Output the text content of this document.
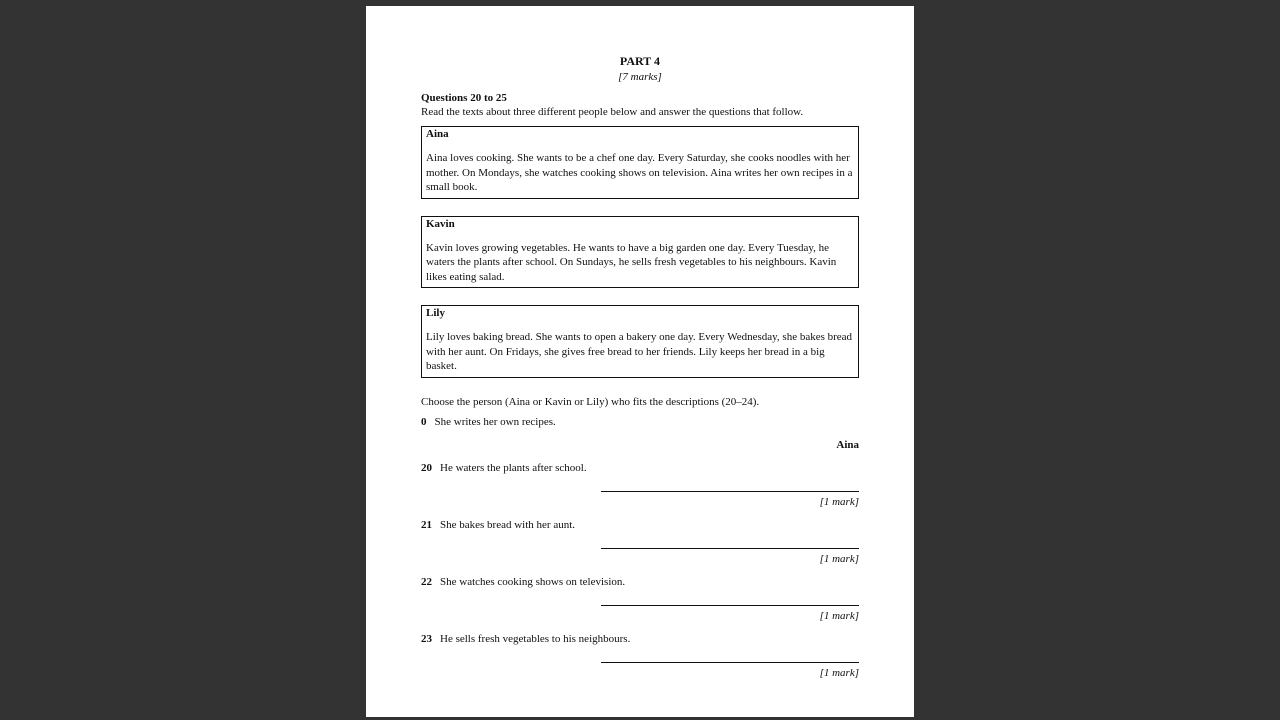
PART 4

[7 marks]

Questions 20 to 25

Read the texts about three different people below and answer the questions that follow.

Aina

Aina loves cooking. She wants to be a chef one day. Every Saturday, she cooks noodles with her mother. On Mondays, she watches cooking shows on television. Aina writes her own recipes in a small book.

Kavin

Kavin loves growing vegetables. He wants to have a big garden one day. Every Tuesday, he waters the plants after school. On Sundays, he sells fresh vegetables to his neighbours. Kavin likes eating salad.

Lily

Lily loves baking bread. She wants to open a bakery one day. Every Wednesday, she bakes bread with her aunt. On Fridays, she gives free bread to her friends. Lily keeps her bread in a big basket.

Choose the person (Aina or Kavin or Lily) who fits the descriptions (20–24).
0 She writes her own recipes.
Aina
20 He waters the plants after school.
[1 mark]
21 She bakes bread with her aunt.
[1 mark]
22 She watches cooking shows on television.
[1 mark]
23 He sells fresh vegetables to his neighbours.
[1 mark]
